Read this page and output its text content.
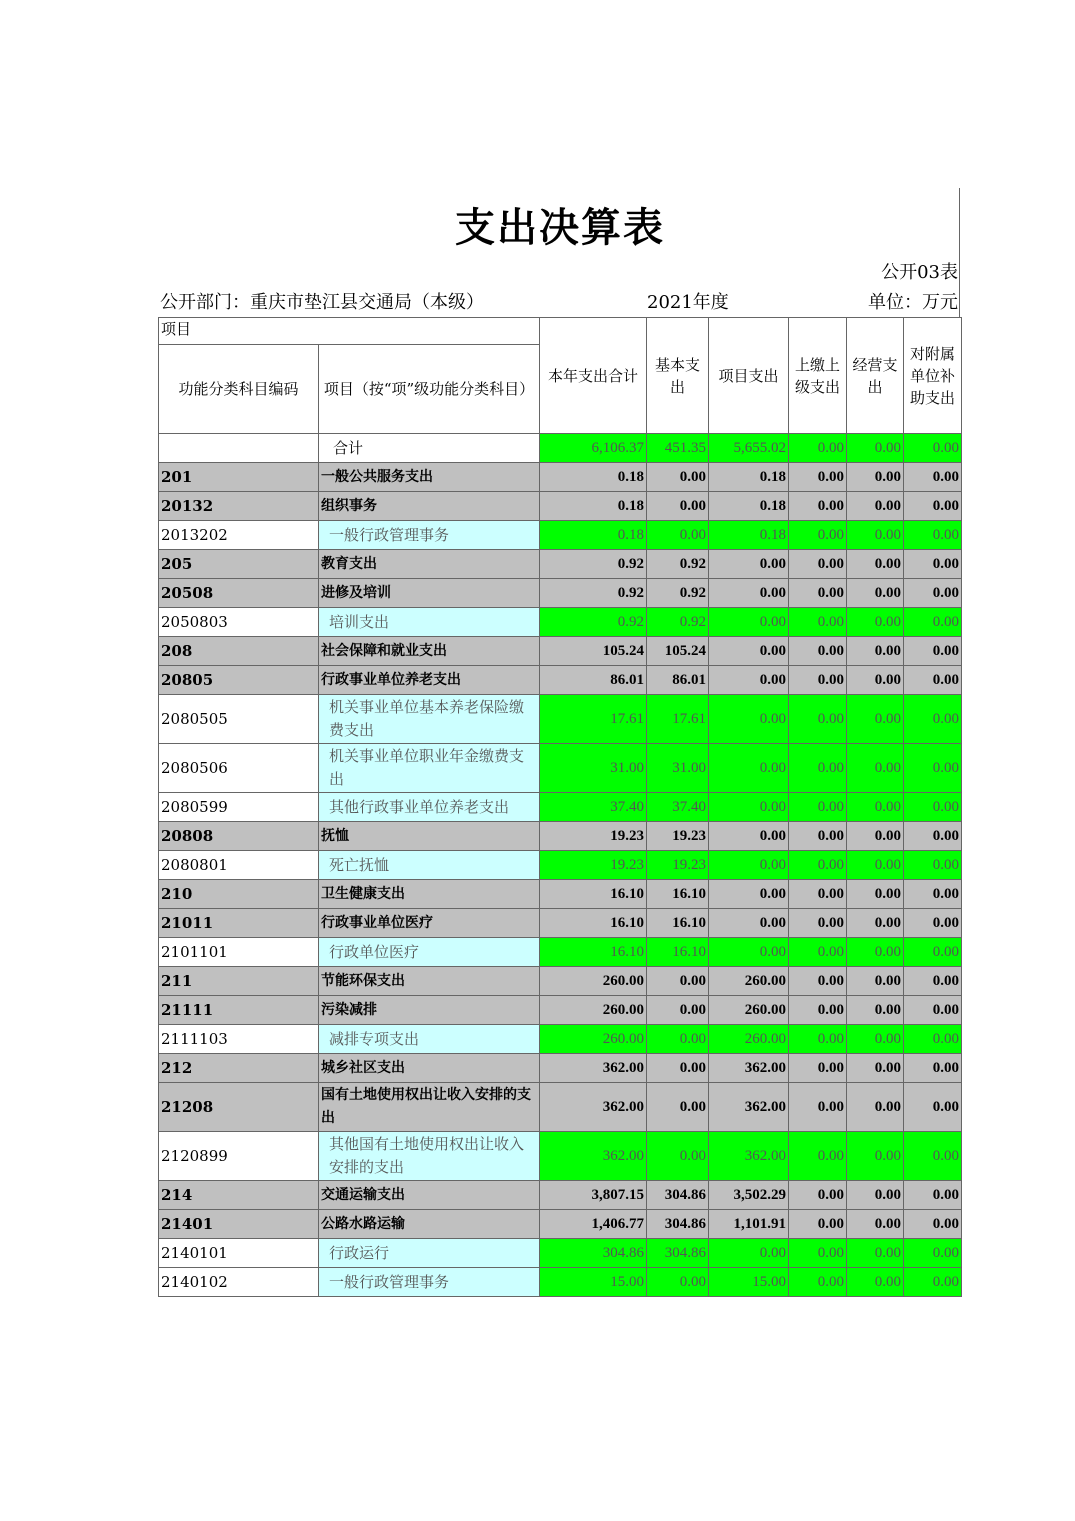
支出决算表
公开03表
公开部门：重庆市垫江县交通局（本级）	2021年度	单位：万元
项目		本年支出合计	基本支出	项目支出	上缴上级支出	经营支出	对附属单位补助支出
功能分类科目编码	项目（按“项”级功能分类科目）						
	合计	6,106.37	451.35	5,655.02	0.00	0.00	0.00
201	一般公共服务支出	0.18	0.00	0.18	0.00	0.00	0.00
20132	组织事务	0.18	0.00	0.18	0.00	0.00	0.00
2013202	一般行政管理事务	0.18	0.00	0.18	0.00	0.00	0.00
205	教育支出	0.92	0.92	0.00	0.00	0.00	0.00
20508	进修及培训	0.92	0.92	0.00	0.00	0.00	0.00
2050803	培训支出	0.92	0.92	0.00	0.00	0.00	0.00
208	社会保障和就业支出	105.24	105.24	0.00	0.00	0.00	0.00
20805	行政事业单位养老支出	86.01	86.01	0.00	0.00	0.00	0.00
2080505	机关事业单位基本养老保险缴费支出	17.61	17.61	0.00	0.00	0.00	0.00
2080506	机关事业单位职业年金缴费支出	31.00	31.00	0.00	0.00	0.00	0.00
2080599	其他行政事业单位养老支出	37.40	37.40	0.00	0.00	0.00	0.00
20808	抚恤	19.23	19.23	0.00	0.00	0.00	0.00
2080801	死亡抚恤	19.23	19.23	0.00	0.00	0.00	0.00
210	卫生健康支出	16.10	16.10	0.00	0.00	0.00	0.00
21011	行政事业单位医疗	16.10	16.10	0.00	0.00	0.00	0.00
2101101	行政单位医疗	16.10	16.10	0.00	0.00	0.00	0.00
211	节能环保支出	260.00	0.00	260.00	0.00	0.00	0.00
21111	污染减排	260.00	0.00	260.00	0.00	0.00	0.00
2111103	减排专项支出	260.00	0.00	260.00	0.00	0.00	0.00
212	城乡社区支出	362.00	0.00	362.00	0.00	0.00	0.00
21208	国有土地使用权出让收入安排的支出	362.00	0.00	362.00	0.00	0.00	0.00
2120899	其他国有土地使用权出让收入安排的支出	362.00	0.00	362.00	0.00	0.00	0.00
214	交通运输支出	3,807.15	304.86	3,502.29	0.00	0.00	0.00
21401	公路水路运输	1,406.77	304.86	1,101.91	0.00	0.00	0.00
2140101	行政运行	304.86	304.86	0.00	0.00	0.00	0.00
2140102	一般行政管理事务	15.00	0.00	15.00	0.00	0.00	0.00
